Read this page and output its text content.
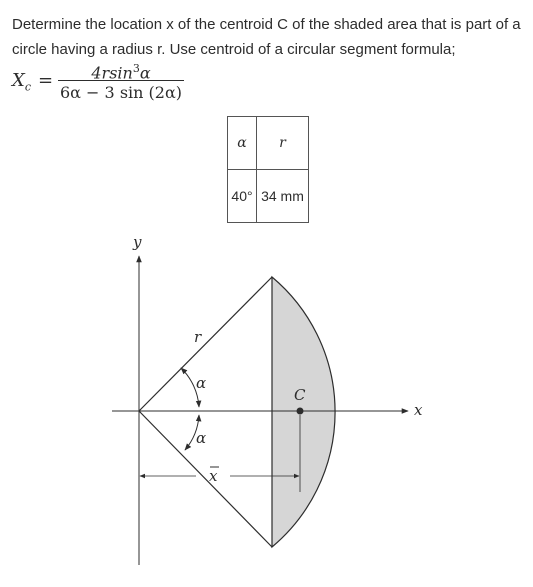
Determine the location x of the centroid C of the shaded area that is part of a circle having a radius r. Use centroid of a circular segment formula;

$X_c$ =	4rsin$^3$α
6α − 3 sin (2α)
α	r
40°	34 mm
y
x
r
α
α
C
x
